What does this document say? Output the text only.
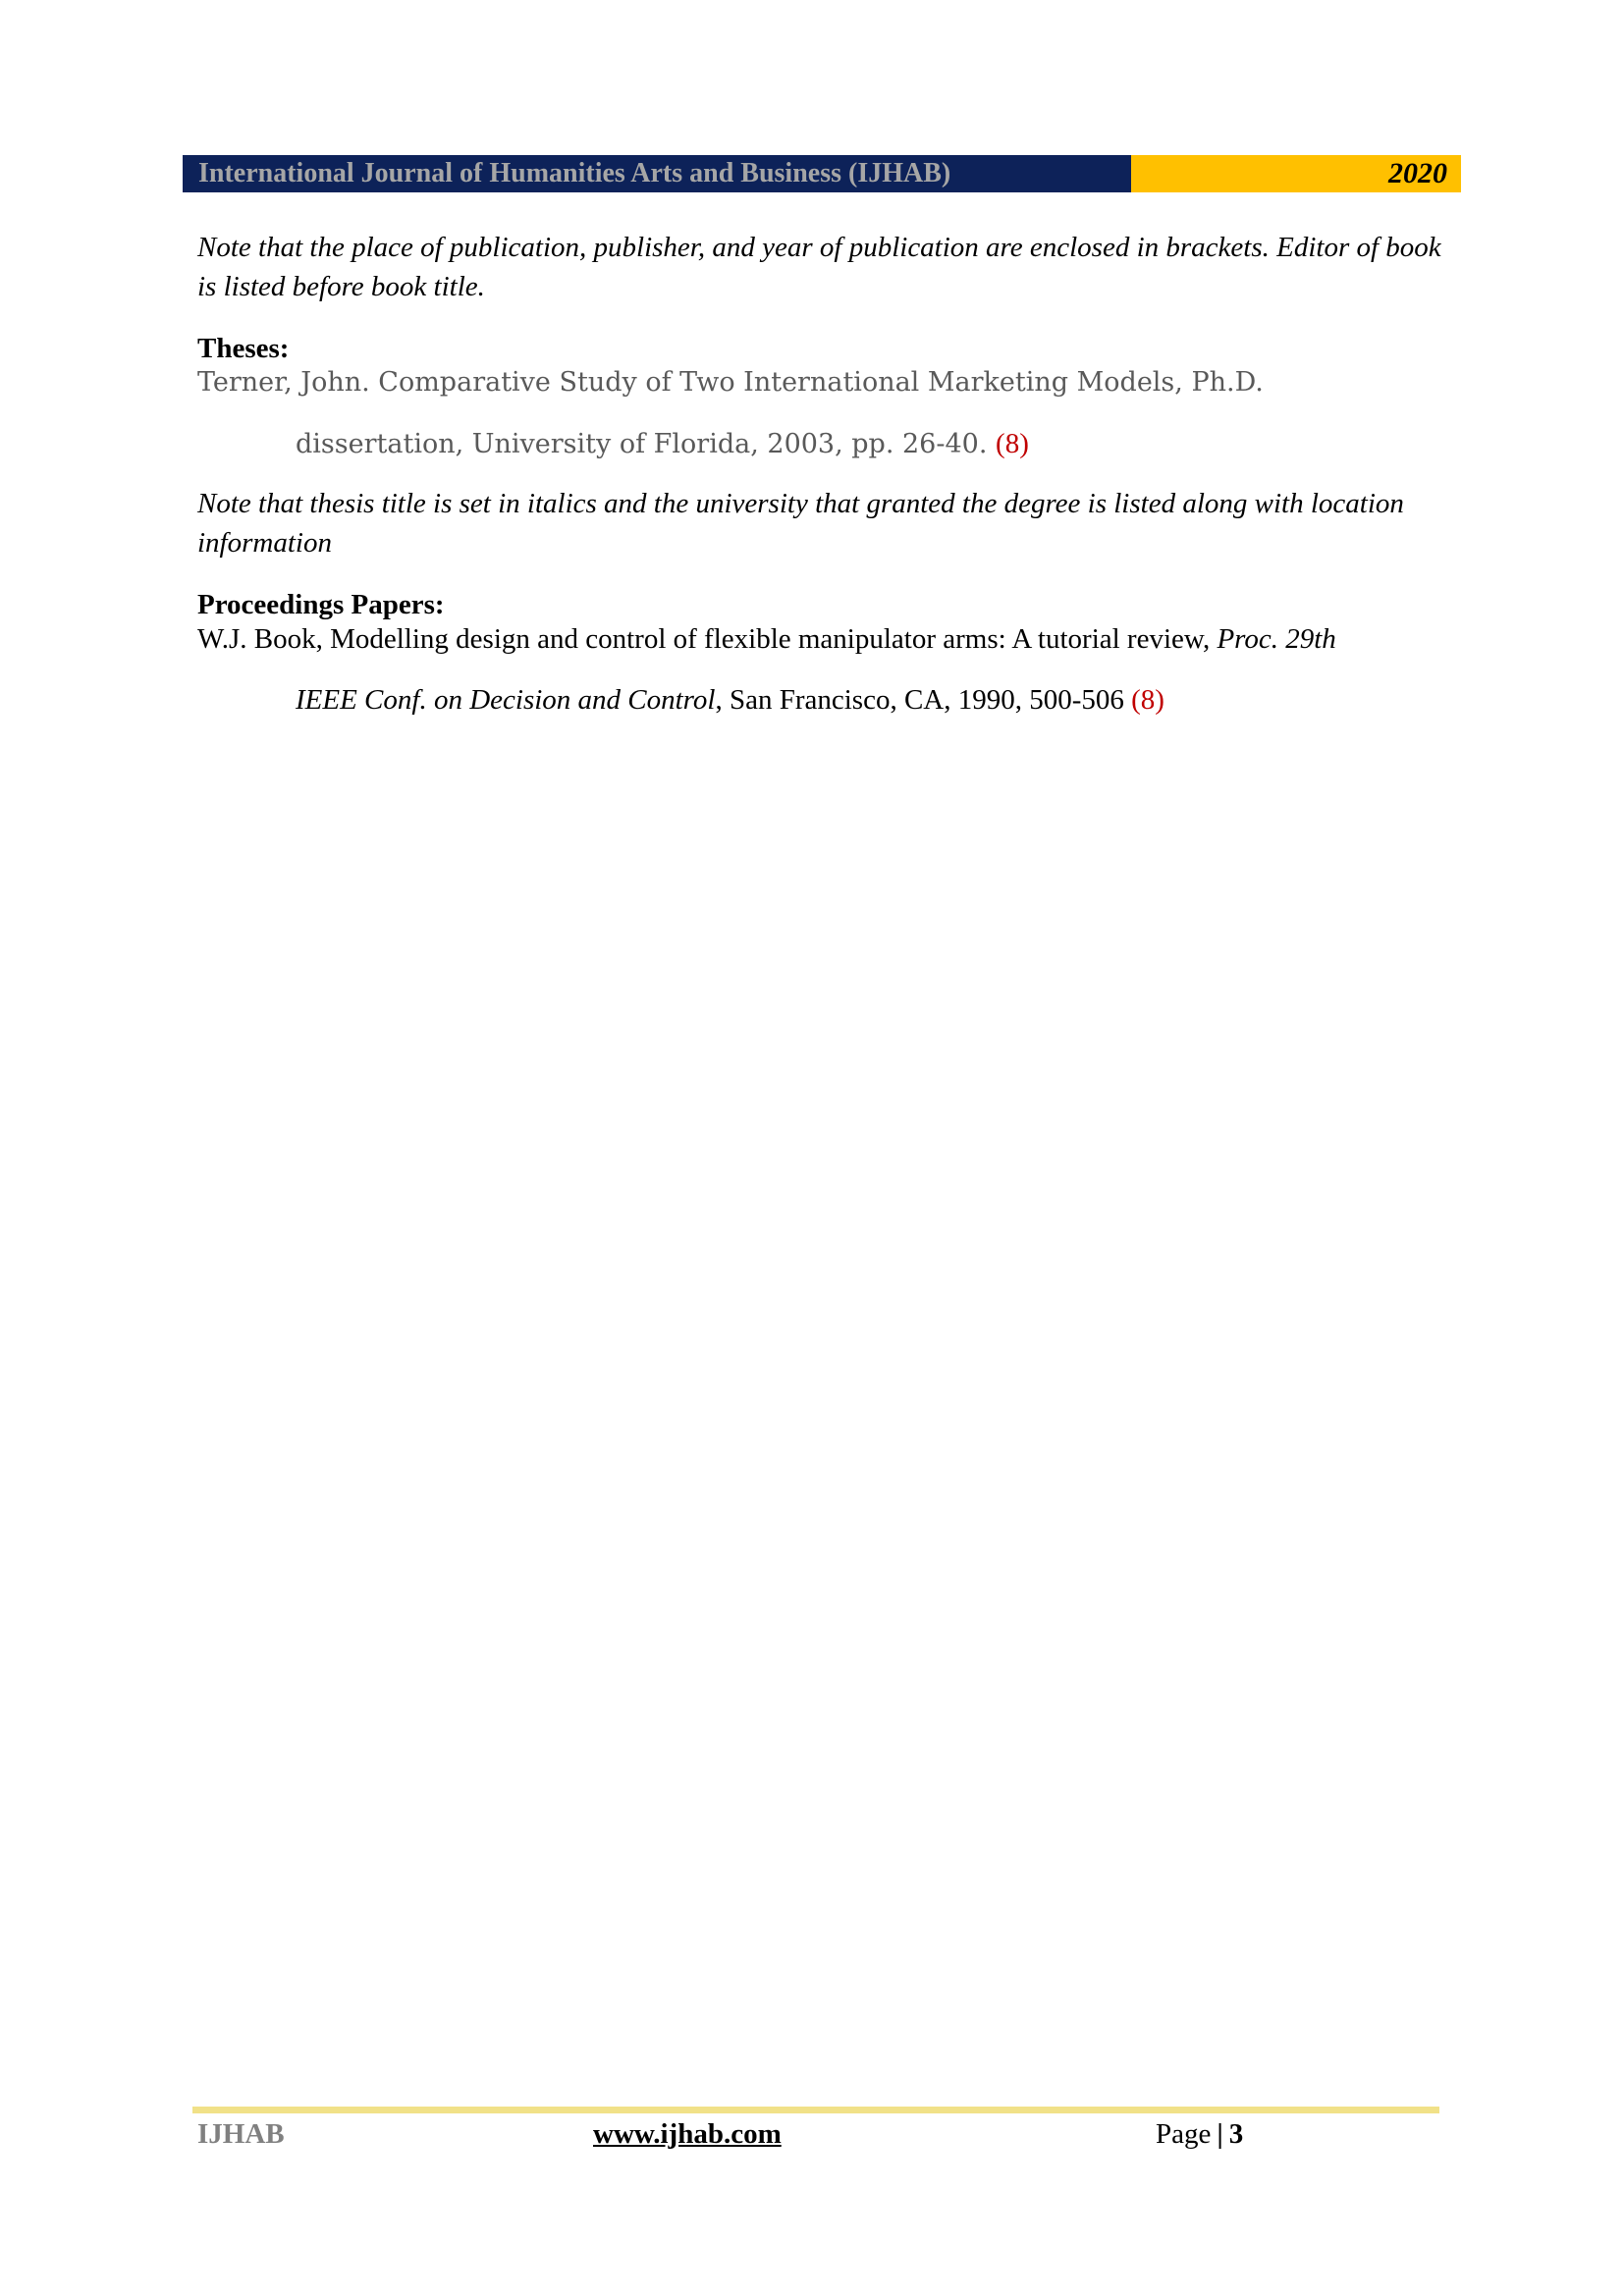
International Journal of Humanities Arts and Business (IJHAB)	2020

Note that the place of publication, publisher, and year of publication are enclosed in brackets. Editor of book is listed before book title.

Theses:

Terner, John. Comparative Study of Two International Marketing Models, Ph.D.

dissertation, University of Florida, 2003, pp. 26-40. (8)

Note that thesis title is set in italics and the university that granted the degree is listed along with location information

Proceedings Papers:

W.J. Book, Modelling design and control of flexible manipulator arms: A tutorial review, Proc. 29th

IEEE Conf. on Decision and Control, San Francisco, CA, 1990, 500-506 (8)

IJHAB	www.ijhab.com	Page | 3
